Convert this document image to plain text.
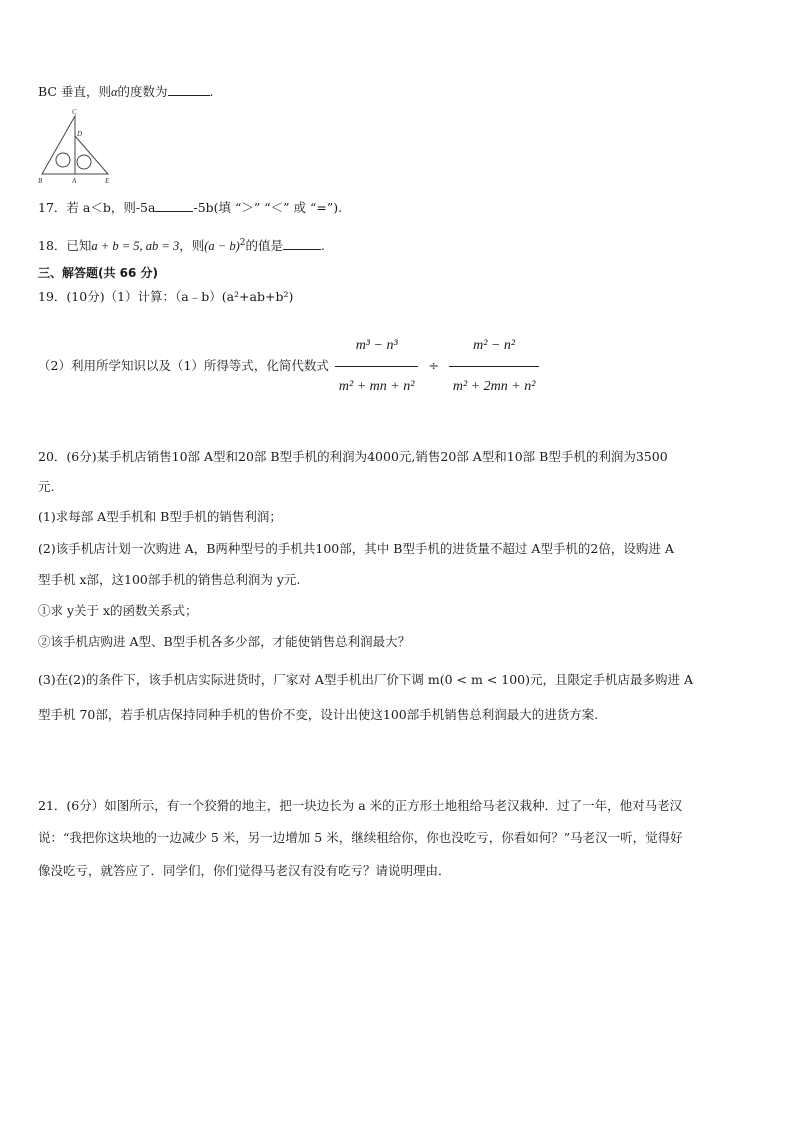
BC 垂直，则α的度数为	.
C
D
B	A	E
17．若 a＜b，则-5a	-5b(填 “＞” “＜” 或 “=”).
18．已知a + b = 5, ab = 3，则$(a - b)^2$的值是	.
三、解答题(共 66 分)
19．(10分)（1）计算：（a﹣b）(a²+ab+b²)
（2）利用所学知识以及（1）所得等式，化简代数式 $\frac{\text{m³ − n³}}{\text{m² + mn + n²}} \div \frac{\text{m² − n²}}{\text{m² + 2mn + n²}}$
20．(6分)某手机店销售10部 A型和20部 B型手机的利润为4000元,销售20部 A型和10部 B型手机的利润为3500
元.
(1)求每部 A型手机和 B型手机的销售利润；
(2)该手机店计划一次购进 A，B两种型号的手机共100部，其中 B型手机的进货量不超过 A型手机的2倍，设购进 A
型手机 x部，这100部手机的销售总利润为 y元.
①求 y关于 x的函数关系式；
②该手机店购进 A型、B型手机各多少部，才能使销售总利润最大？
(3)在(2)的条件下，该手机店实际进货时，厂家对 A型手机出厂价下调 m(0 < m < 100)元，且限定手机店最多购进 A
型手机 70部，若手机店保持同种手机的售价不变，设计出使这100部手机销售总利润最大的进货方案.
21．(6分）如图所示，有一个狡猾的地主，把一块边长为 a 米的正方形土地租给马老汉栽种．过了一年，他对马老汉
说：“我把你这块地的一边减少 5 米，另一边增加 5 米，继续租给你，你也没吃亏，你看如何？”马老汉一听，觉得好
像没吃亏，就答应了．同学们，你们觉得马老汉有没有吃亏？请说明理由．
